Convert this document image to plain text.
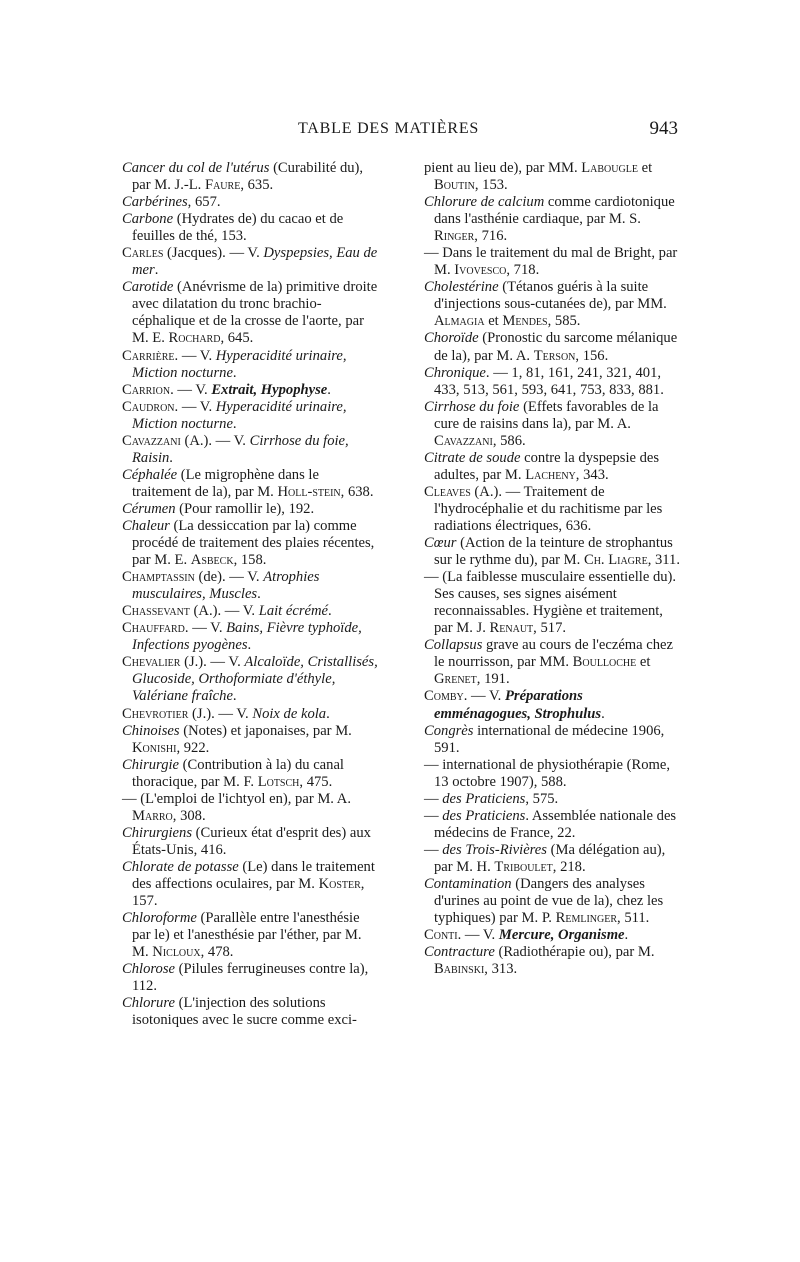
TABLE DES MATIÈRES	943

Cancer du col de l'utérus (Curabilité du), par M. J.-L. Faure, 635.

Carbérines, 657.

Carbone (Hydrates de) du cacao et de feuilles de thé, 153.

Carles (Jacques). — V. Dyspepsies, Eau de mer.

Carotide (Anévrisme de la) primitive droite avec dilatation du tronc brachio-céphalique et de la crosse de l'aorte, par M. E. Rochard, 645.

Carrière. — V. Hyperacidité urinaire, Miction nocturne.

Carrion. — V. Extrait, Hypophyse.

Caudron. — V. Hyperacidité urinaire, Miction nocturne.

Cavazzani (A.). — V. Cirrhose du foie, Raisin.

Céphalée (Le migrophène dans le traitement de la), par M. Holl-stein, 638.

Cérumen (Pour ramollir le), 192.

Chaleur (La dessiccation par la) comme procédé de traitement des plaies récentes, par M. E. Asbeck, 158.

Champtassin (de). — V. Atrophies musculaires, Muscles.

Chassevant (A.). — V. Lait écrémé.

Chauffard. — V. Bains, Fièvre typhoïde, Infections pyogènes.

Chevalier (J.). — V. Alcaloïde, Cristallisés, Glucoside, Orthoformiate d'éthyle, Valériane fraîche.

Chevrotier (J.). — V. Noix de kola.

Chinoises (Notes) et japonaises, par M. Konishi, 922.

Chirurgie (Contribution à la) du canal thoracique, par M. F. Lotsch, 475.

— (L'emploi de l'ichtyol en), par M. A. Marro, 308.

Chirurgiens (Curieux état d'esprit des) aux États-Unis, 416.

Chlorate de potasse (Le) dans le traitement des affections oculaires, par M. Koster, 157.

Chloroforme (Parallèle entre l'anesthésie par le) et l'anesthésie par l'éther, par M. M. Nicloux, 478.

Chlorose (Pilules ferrugineuses contre la), 112.

Chlorure (L'injection des solutions isotoniques avec le sucre comme exci-

pient au lieu de), par MM. Labougle et Boutin, 153.

Chlorure de calcium comme cardiotonique dans l'asthénie cardiaque, par M. S. Ringer, 716.

— Dans le traitement du mal de Bright, par M. Ivovesco, 718.

Cholestérine (Tétanos guéris à la suite d'injections sous-cutanées de), par MM. Almagia et Mendes, 585.

Choroïde (Pronostic du sarcome mélanique de la), par M. A. Terson, 156.

Chronique. — 1, 81, 161, 241, 321, 401, 433, 513, 561, 593, 641, 753, 833, 881.

Cirrhose du foie (Effets favorables de la cure de raisins dans la), par M. A. Cavazzani, 586.

Citrate de soude contre la dyspepsie des adultes, par M. Lacheny, 343.

Cleaves (A.). — Traitement de l'hydrocéphalie et du rachitisme par les radiations électriques, 636.

Cœur (Action de la teinture de strophantus sur le rythme du), par M. Ch. Liagre, 311.

— (La faiblesse musculaire essentielle du). Ses causes, ses signes aisément reconnaissables. Hygiène et traitement, par M. J. Renaut, 517.

Collapsus grave au cours de l'eczéma chez le nourrisson, par MM. Boulloche et Grenet, 191.

Comby. — V. Préparations emménagogues, Strophulus.

Congrès international de médecine 1906, 591.

— international de physiothérapie (Rome, 13 octobre 1907), 588.

— des Praticiens, 575.

— des Praticiens. Assemblée nationale des médecins de France, 22.

— des Trois-Rivières (Ma délégation au), par M. H. Triboulet, 218.

Contamination (Dangers des analyses d'urines au point de vue de la), chez les typhiques) par M. P. Remlinger, 511.

Conti. — V. Mercure, Organisme.

Contracture (Radiothérapie ou), par M. Babinski, 313.
